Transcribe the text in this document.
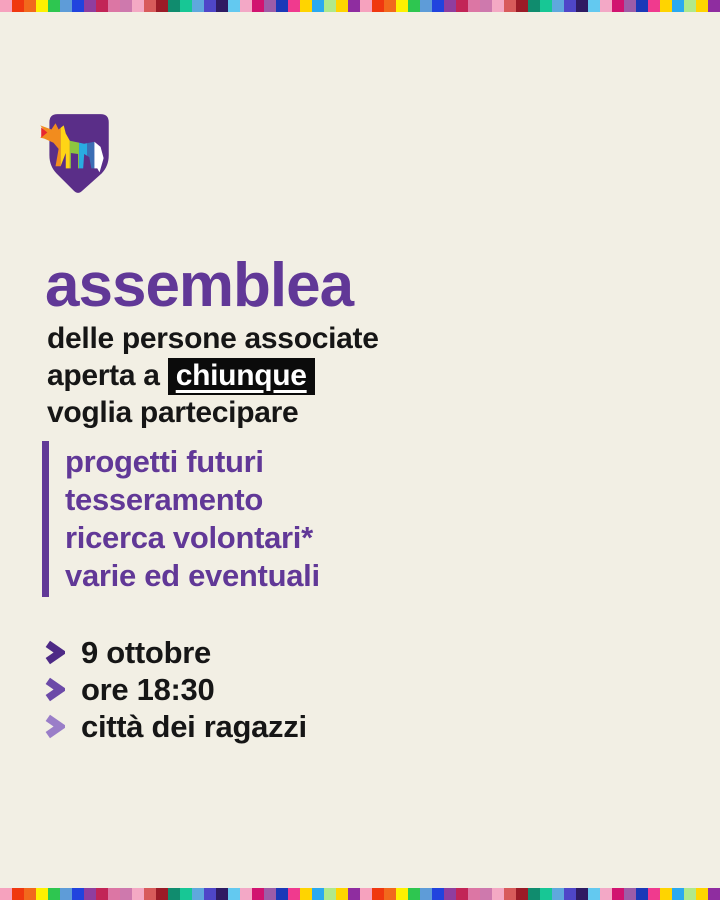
assemblea
delle persone associate
aperta a chiunque
voglia partecipare
progetti futuri
tesseramento
ricerca volontari*
varie ed eventuali
9 ottobre
ore 18:30
città dei ragazzi
